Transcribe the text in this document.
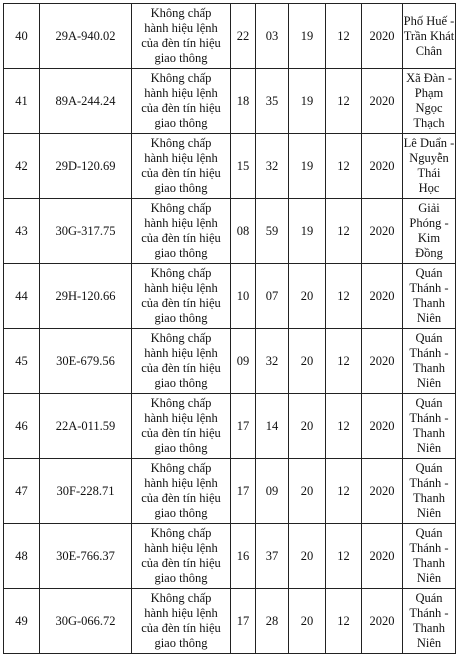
40	29A-940.02	Không chấp
hành hiệu lệnh
của đèn tín hiệu
giao thông	22	03	19	12	2020	Phố Huế -
Trần Khát
Chân

41	89A-244.24	Không chấp
hành hiệu lệnh
của đèn tín hiệu
giao thông	18	35	19	12	2020	Xã Đàn -
Phạm Ngọc
Thạch

42	29D-120.69	Không chấp
hành hiệu lệnh
của đèn tín hiệu
giao thông	15	32	19	12	2020	Lê Duẩn -
Nguyễn Thái
Học

43	30G-317.75	Không chấp
hành hiệu lệnh
của đèn tín hiệu
giao thông	08	59	19	12	2020	Giải Phóng -
Kim Đồng

44	29H-120.66	Không chấp
hành hiệu lệnh
của đèn tín hiệu
giao thông	10	07	20	12	2020	Quán Thánh -
Thanh Niên

45	30E-679.56	Không chấp
hành hiệu lệnh
của đèn tín hiệu
giao thông	09	32	20	12	2020	Quán Thánh -
Thanh Niên

46	22A-011.59	Không chấp
hành hiệu lệnh
của đèn tín hiệu
giao thông	17	14	20	12	2020	Quán Thánh -
Thanh Niên

47	30F-228.71	Không chấp
hành hiệu lệnh
của đèn tín hiệu
giao thông	17	09	20	12	2020	Quán Thánh -
Thanh Niên

48	30E-766.37	Không chấp
hành hiệu lệnh
của đèn tín hiệu
giao thông	16	37	20	12	2020	Quán Thánh -
Thanh Niên

49	30G-066.72	Không chấp
hành hiệu lệnh
của đèn tín hiệu
giao thông	17	28	20	12	2020	Quán Thánh -
Thanh Niên
